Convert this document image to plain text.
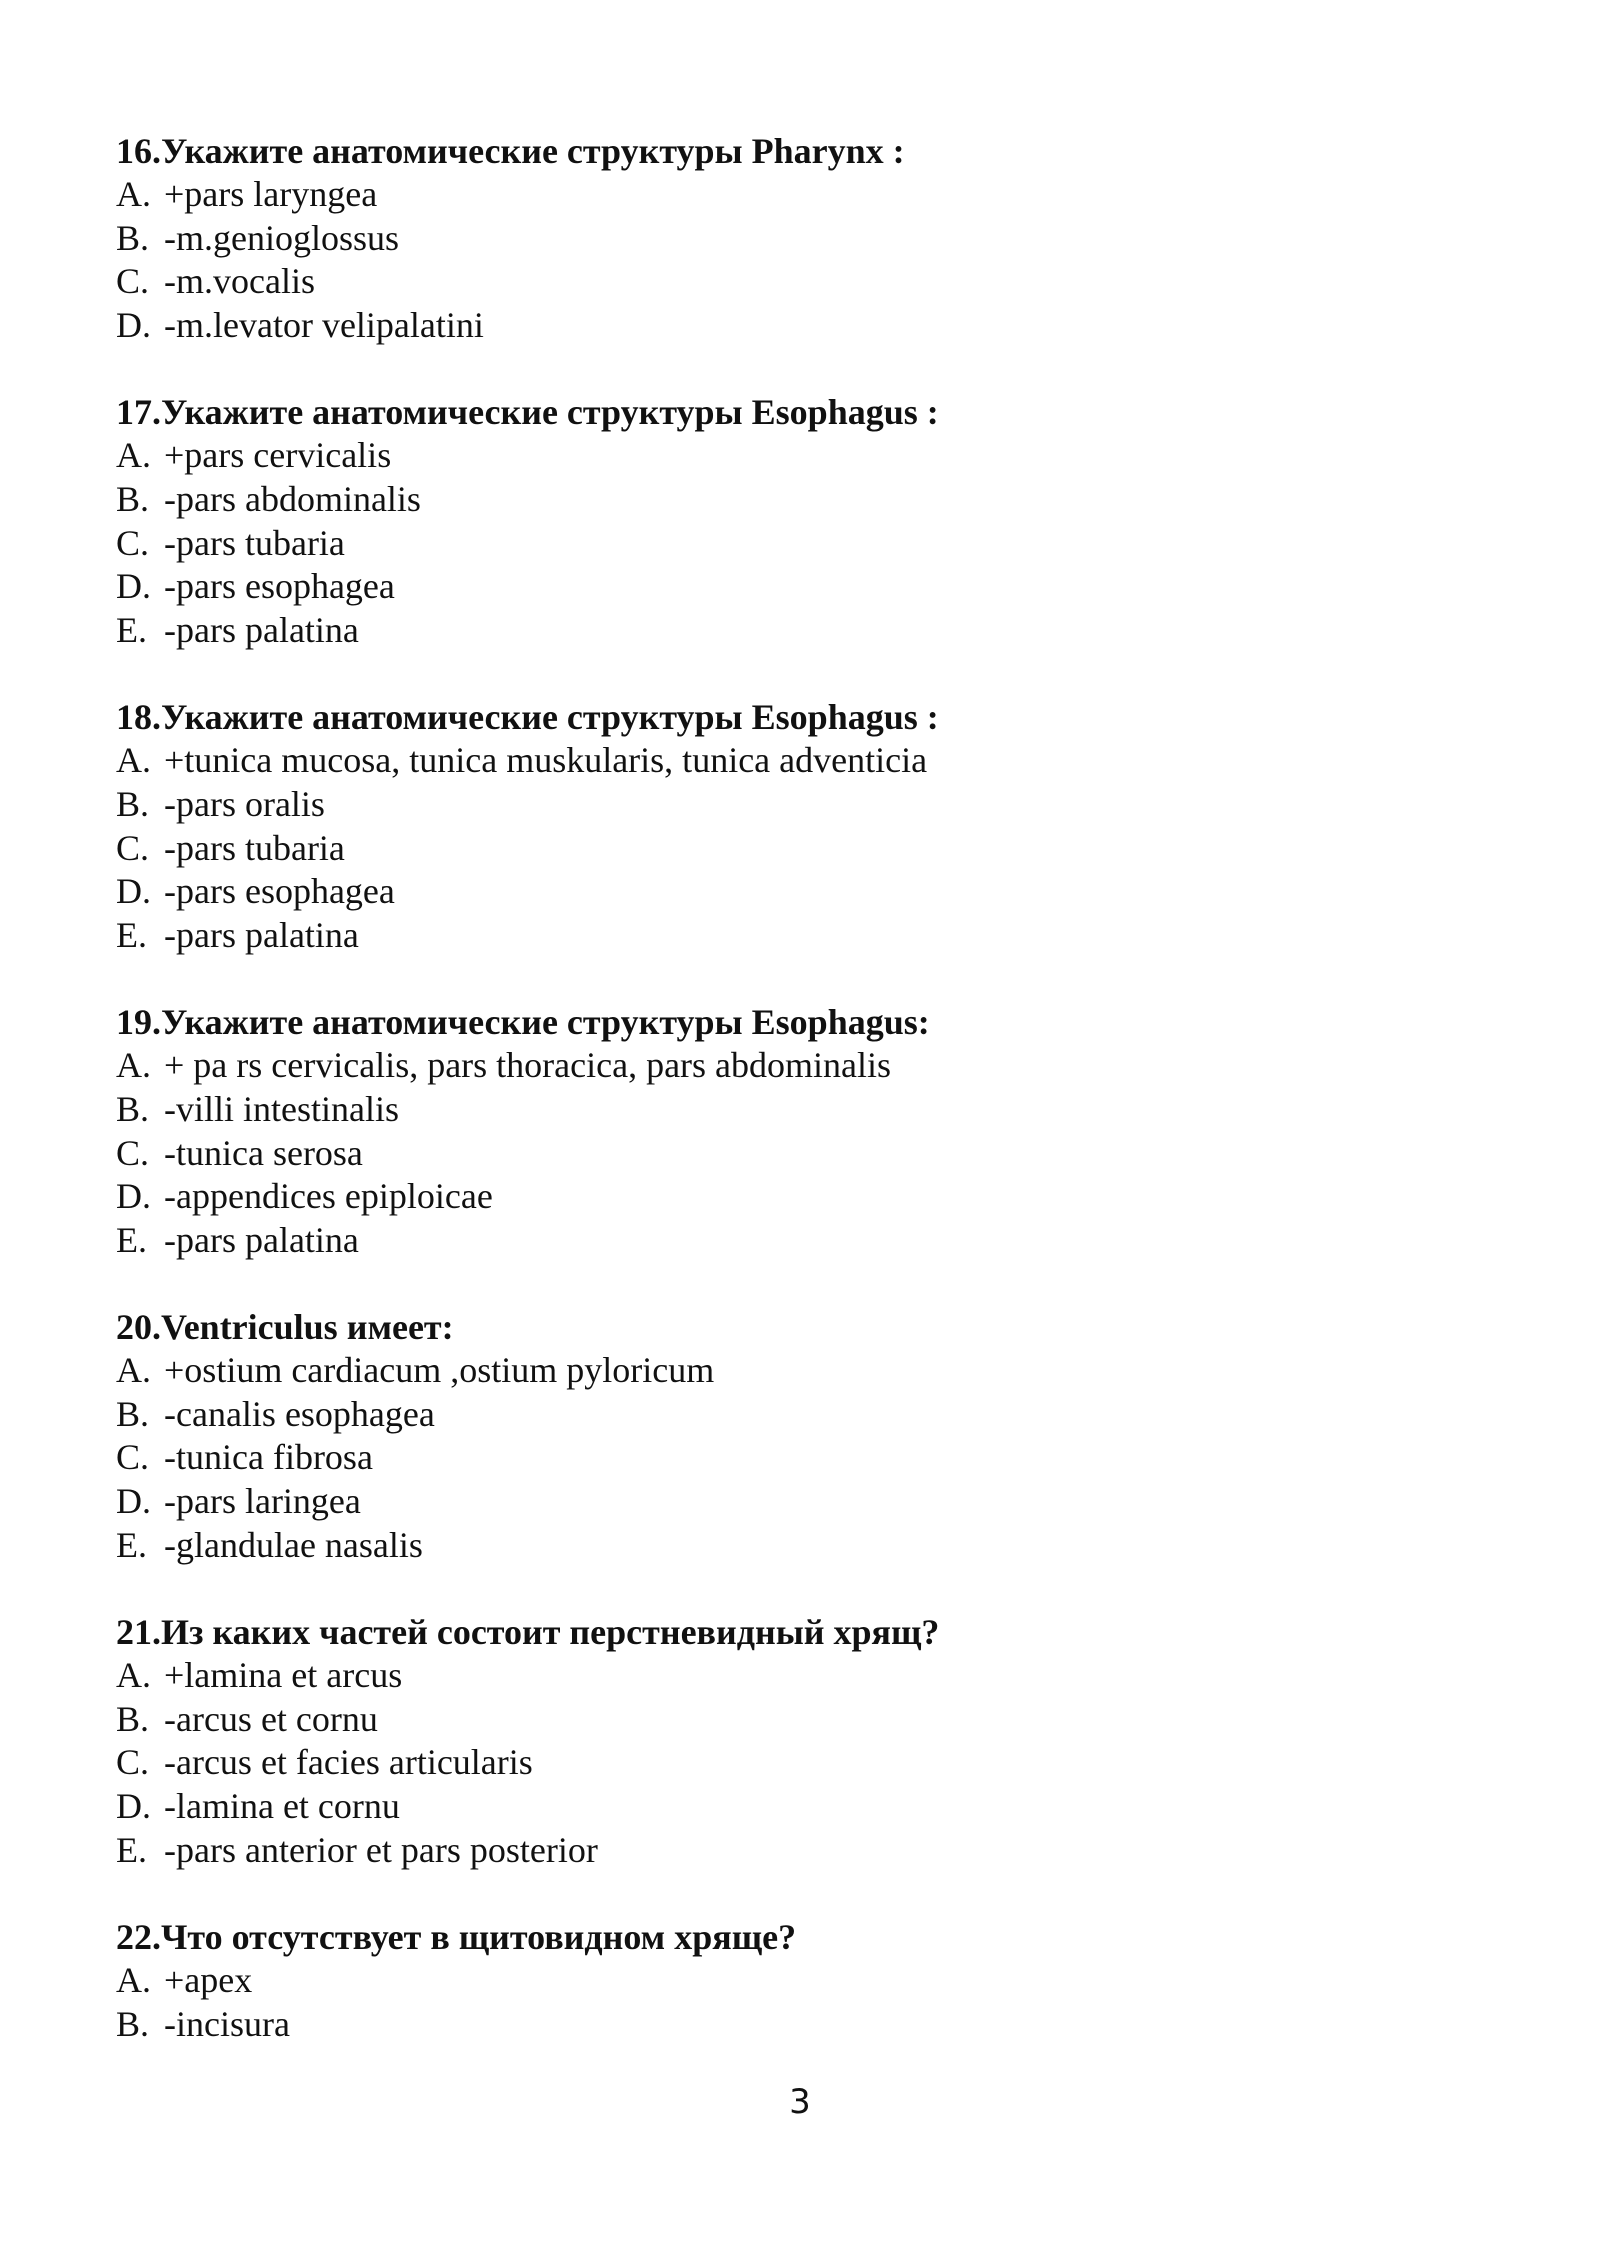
16.Укажите анатомические структуры Pharynx :

A. +pars laryngea

B. -m.genioglossus

C. -m.vocalis

D. -m.levator velipalatini

17.Укажите анатомические структуры Esophagus :

A. +pars cervicalis

B. -pars abdominalis

C. -pars tubaria

D. -pars esophagea

E. -pars palatina

18.Укажите анатомические структуры Esophagus :

A. +tunica mucosa, tunica muskularis, tunica adventicia

B. -pars oralis

C. -pars tubaria

D. -pars esophagea

E. -pars palatina

19.Укажите анатомические структуры Esophagus:

A. + pa rs cervicalis, pars thoracica, pars abdominalis

B. -villi intestinalis

C. -tunica serosa

D. -appendices epiploicae

E. -pars palatina

20.Ventriculus имеет:

A. +ostium cardiacum ,ostium pyloricum

B. -canalis esophagea

C. -tunica fibrosa

D. -pars laringea

E. -glandulae nasalis

21.Из каких частей состоит перстневидный хрящ?

A. +lamina et arcus

B. -arcus et cornu

C. -arcus et facies articularis

D. -lamina et cornu

E. -pars anterior et pars posterior

22.Что отсутствует в щитовидном хряще?

A. +apex

B. -incisura

3
